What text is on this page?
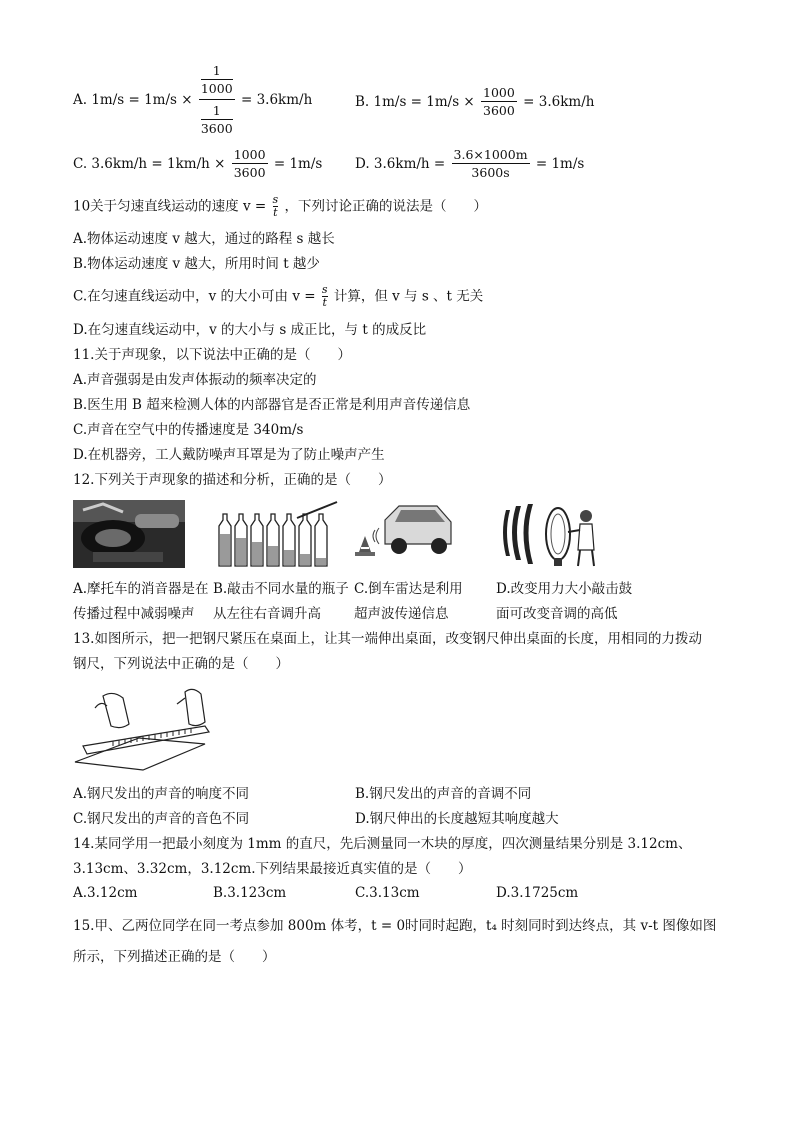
A. $1m/s = 1m/s \times \frac{\frac{1}{1000}}{\frac{1}{3600}} = 3.6km/h$	B. $1m/s = 1m/s \times \frac{1000}{3600} = 3.6km/h$
C. $3.6km/h = 1km/h \times \frac{1000}{3600} = 1m/s$ D. $3.6km/h = \frac{3.6\times 1000m}{3600s} = 1m/s$
10关于匀速直线运动的速度 $v = \frac{s}{t}$ ，下列讨论正确的说法是（　　）
A.物体运动速度 v 越大，通过的路程 s 越长
B.物体运动速度 v 越大，所用时间 t 越少
C.在匀速直线运动中，v 的大小可由 $v = \frac{s}{t}$ 计算，但 v 与 s 、t 无关
D.在匀速直线运动中，v 的大小与 s 成正比，与 t 的成反比
11.关于声现象，以下说法中正确的是（　　）
A.声音强弱是由发声体振动的频率决定的
B.医生用 B 超来检测人体的内部器官是否正常是利用声音传递信息
C.声音在空气中的传播速度是 340m/s
D.在机器旁，工人戴防噪声耳罩是为了防止噪声产生
12.下列关于声现象的描述和分析，正确的是（　　）
A.摩托车的消音器是在
传播过程中减弱噪声
B.敲击不同水量的瓶子
从左往右音调升高
C.倒车雷达是利用
超声波传递信息
D.改变用力大小敲击鼓
面可改变音调的高低
13.如图所示，把一把钢尺紧压在桌面上，让其一端伸出桌面，改变钢尺伸出桌面的长度，用相同的力拨动
钢尺，下列说法中正确的是（　　）
A.钢尺发出的声音的响度不同	B.钢尺发出的声音的音调不同
C.钢尺发出的声音的音色不同	D.钢尺伸出的长度越短其响度越大
14.某同学用一把最小刻度为 1mm 的直尺，先后测量同一木块的厚度，四次测量结果分别是 3.12cm、
3.13cm、3.32cm，3.12cm.下列结果最接近真实值的是（　　）
A.3.12cm	B.3.123cm	C.3.13cm	D.3.1725cm
15.甲、乙两位同学在同一考点参加 800m 体考，t = 0时同时起跑，t₄ 时刻同时到达终点，其 v-t 图像如图
所示，下列描述正确的是（　　）
